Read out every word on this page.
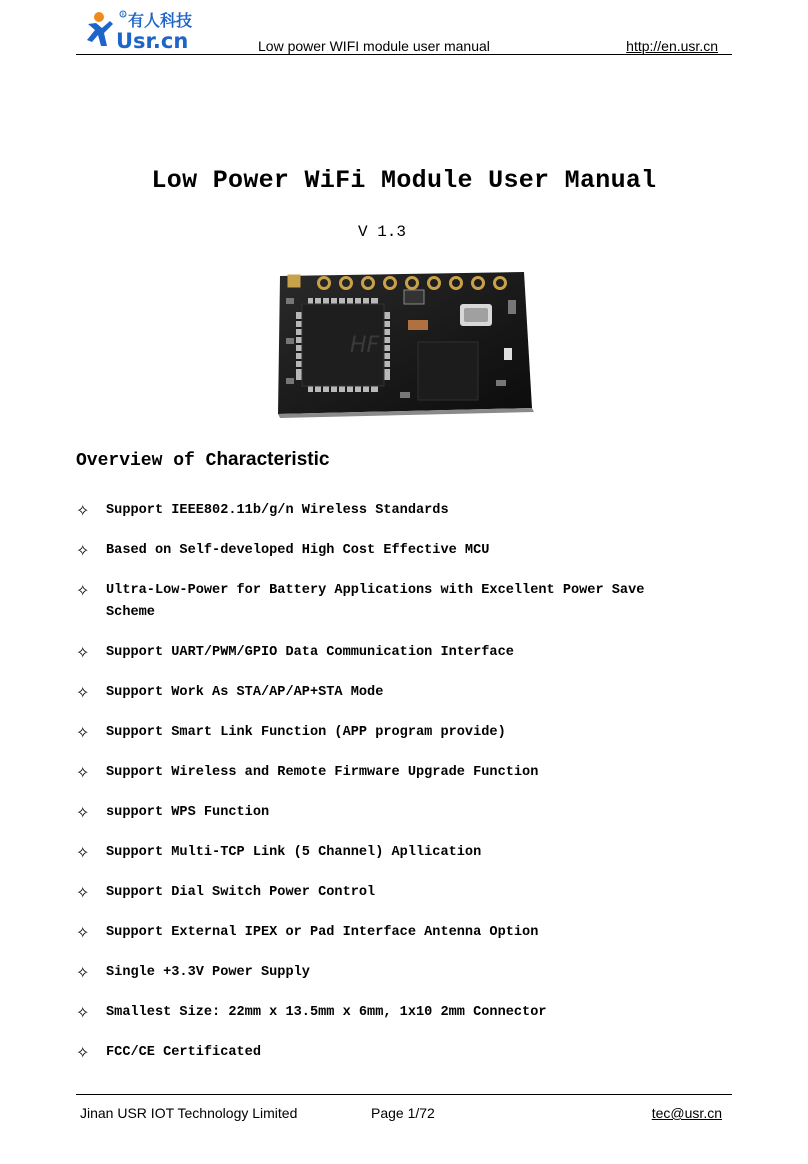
R 有人科技
Usr.cn	Low power WIFI module user manual	http://en.usr.cn
Low Power WiFi Module User Manual
V 1.3
HF
Overview of Characteristic
✧ Support IEEE802.11b/g/n Wireless Standards
✧ Based on Self-developed High Cost Effective MCU
✧ Ultra-Low-Power for Battery Applications with Excellent Power Save
Scheme
✧ Support UART/PWM/GPIO Data Communication Interface
✧ Support Work As STA/AP/AP+STA Mode
✧ Support Smart Link Function (APP program provide)
✧ Support Wireless and Remote Firmware Upgrade Function
✧ support WPS Function
✧ Support Multi-TCP Link (5 Channel) Apllication
✧ Support Dial Switch Power Control
✧ Support External IPEX or Pad Interface Antenna Option
✧ Single +3.3V Power Supply
✧ Smallest Size: 22mm x 13.5mm x 6mm, 1x10 2mm Connector
✧ FCC/CE Certificated
Jinan USR IOT Technology Limited	Page 1/72	tec@usr.cn
